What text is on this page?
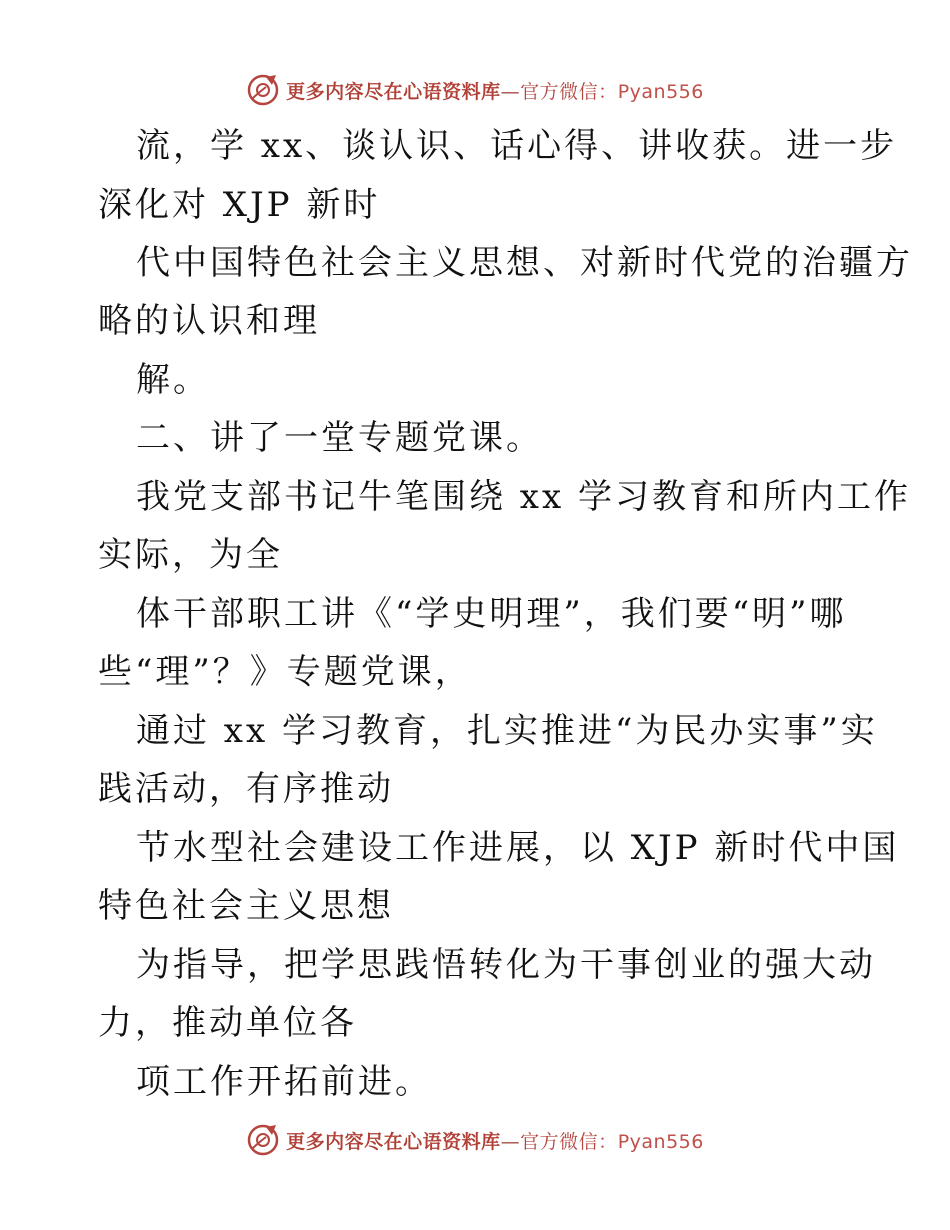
更多内容尽在心语资料库—官方微信：Pyan556
流，学 xx、谈认识、话心得、讲收获。进一步
深化对 XJP 新时
代中国特色社会主义思想、对新时代党的治疆方
略的认识和理
解。
二、讲了一堂专题党课。
我党支部书记牛笔围绕 xx 学习教育和所内工作
实际，为全
体干部职工讲《“学史明理”，我们要“明”哪
些“理”？》专题党课，
通过 xx 学习教育，扎实推进“为民办实事”实
践活动，有序推动
节水型社会建设工作进展，以 XJP 新时代中国
特色社会主义思想
为指导，把学思践悟转化为干事创业的强大动
力，推动单位各
项工作开拓前进。
更多内容尽在心语资料库—官方微信：Pyan556
